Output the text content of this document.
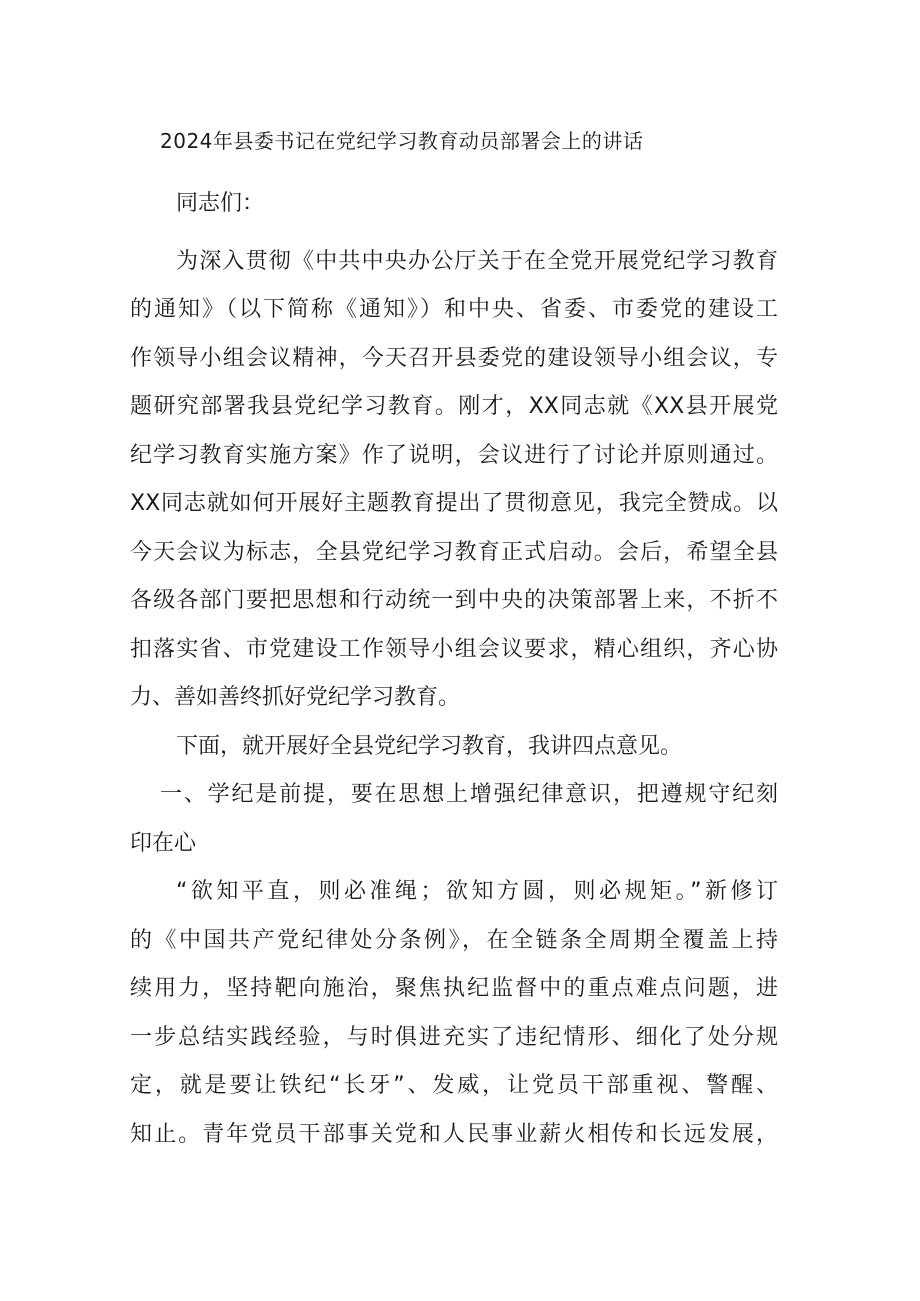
2024年县委书记在党纪学习教育动员部署会上的讲话

同志们：

为深入贯彻《中共中央办公厅关于在全党开展党纪学习教育
的通知》（以下简称《通知》）和中央、省委、市委党的建设工
作领导小组会议精神，今天召开县委党的建设领导小组会议，专
题研究部署我县党纪学习教育。刚才，XX同志就《XX县开展党
纪学习教育实施方案》作了说明，会议进行了讨论并原则通过。
XX同志就如何开展好主题教育提出了贯彻意见，我完全赞成。以
今天会议为标志，全县党纪学习教育正式启动。会后，希望全县
各级各部门要把思想和行动统一到中央的决策部署上来，不折不
扣落实省、市党建设工作领导小组会议要求，精心组织，齐心协
力、善如善终抓好党纪学习教育。

下面，就开展好全县党纪学习教育，我讲四点意见。

一、学纪是前提，要在思想上增强纪律意识，把遵规守纪刻
印在心

“欲知平直，则必准绳；欲知方圆，则必规矩。”新修订
的《中国共产党纪律处分条例》，在全链条全周期全覆盖上持
续用力，坚持靶向施治，聚焦执纪监督中的重点难点问题，进
一步总结实践经验，与时俱进充实了违纪情形、细化了处分规
定，就是要让铁纪“长牙”、发威，让党员干部重视、警醒、
知止。青年党员干部事关党和人民事业薪火相传和长远发展，
